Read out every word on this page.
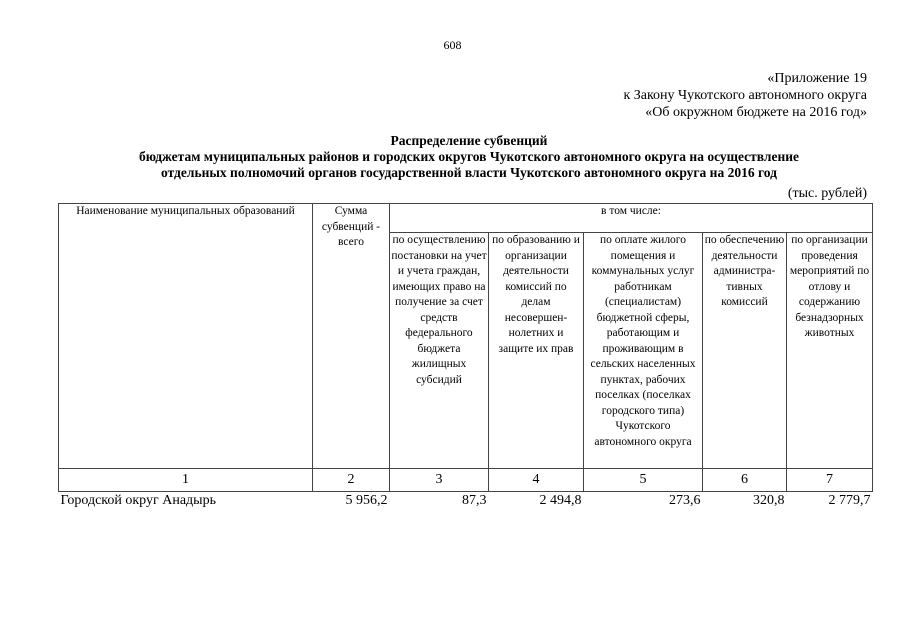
608
«Приложение 19
к Закону Чукотского автономного округа
«Об окружном бюджете на 2016 год»
Распределение субвенций
бюджетам муниципальных районов и городских округов Чукотского автономного округа на осуществление
отдельных полномочий органов государственной власти Чукотского автономного округа на 2016 год
(тыс. рублей)
Наименование муниципальных образований	Сумма субвенций - всего	в том числе:				
		по осуществлению постановки на учет и учета граждан, имеющих право на получение за счет средств федерального бюджета жилищных субсидий	по образованию и организации деятельности комиссий по делам несовершен-нолетних и защите их прав	по оплате жилого помещения и коммунальных услуг работникам (специалистам) бюджетной сферы, работающим и проживающим в сельских населенных пунктах, рабочих поселках (поселках городского типа) Чукотского автономного округа	по обеспечению деятельности администра-тивных комиссий	по организации проведения мероприятий по отлову и содержанию безнадзорных животных
1	2	3	4	5	6	7
Городской округ Анадырь	5 956,2	87,3	2 494,8	273,6	320,8	2 779,7
